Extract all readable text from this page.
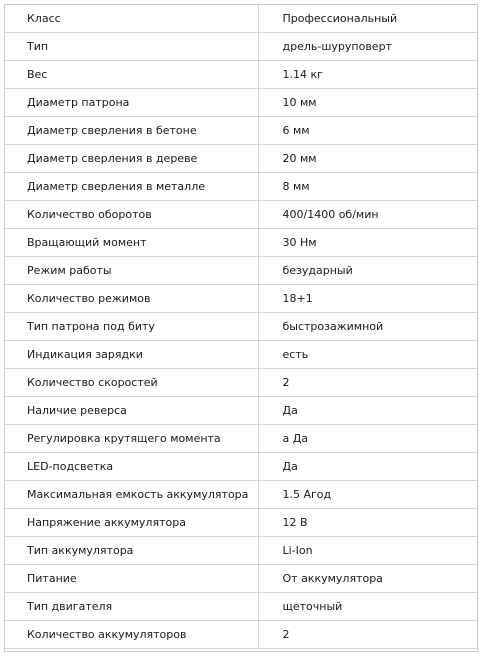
Класс	Профессиональный
Тип	дрель-шуруповерт
Вес	1.14 кг
Диаметр патрона	10 мм
Диаметр сверления в бетоне	6 мм
Диаметр сверления в дереве	20 мм
Диаметр сверления в металле	8 мм
Количество оборотов	400/1400 об/мин
Вращающий момент	30 Нм
Режим работы	безударный
Количество режимов	18+1
Тип патрона под биту	быстрозажимной
Индикация зарядки	есть
Количество скоростей	2
Наличие реверса	Да
Регулировка крутящего момента	а Да
LED-подсветка	Да
Максимальная емкость аккумулятора	1.5 Агод
Напряжение аккумулятора	12 В
Тип аккумулятора	Li-Ion
Питание	От аккумулятора
Тип двигателя	щеточный
Количество аккумуляторов	2
